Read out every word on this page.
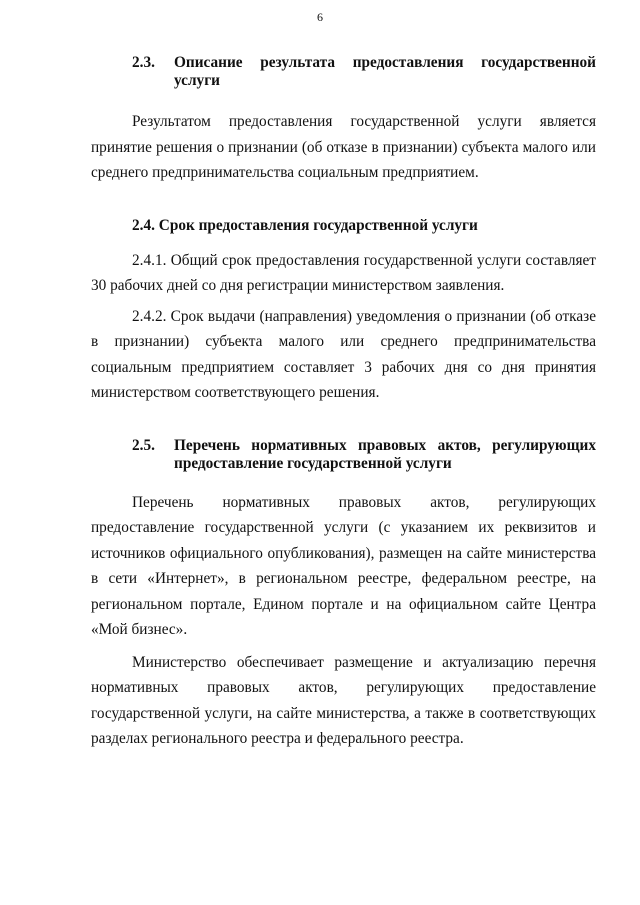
6
2.3.	Описание результата предоставления государственной
услуги

Результатом предоставления государственной услуги является принятие решения о признании (об отказе в признании) субъекта малого или среднего предпринимательства социальным предприятием.

2.4. Срок предоставления государственной услуги

2.4.1. Общий срок предоставления государственной услуги составляет 30 рабочих дней со дня регистрации министерством заявления.

2.4.2. Срок выдачи (направления) уведомления о признании (об отказе в признании) субъекта малого или среднего предпринимательства социальным предприятием составляет 3 рабочих дня со дня принятия министерством соответствующего решения.

2.5.	Перечень нормативных правовых актов, регулирующих
предоставление государственной услуги

Перечень нормативных правовых актов, регулирующих предоставление государственной услуги (с указанием их реквизитов и источников официального опубликования), размещен на сайте министерства в сети «Интернет», в региональном реестре, федеральном реестре, на региональном портале, Едином портале и на официальном сайте Центра «Мой бизнес».

Министерство обеспечивает размещение и актуализацию перечня нормативных правовых актов, регулирующих предоставление государственной услуги, на сайте министерства, а также в соответствующих разделах регионального реестра и федерального реестра.
